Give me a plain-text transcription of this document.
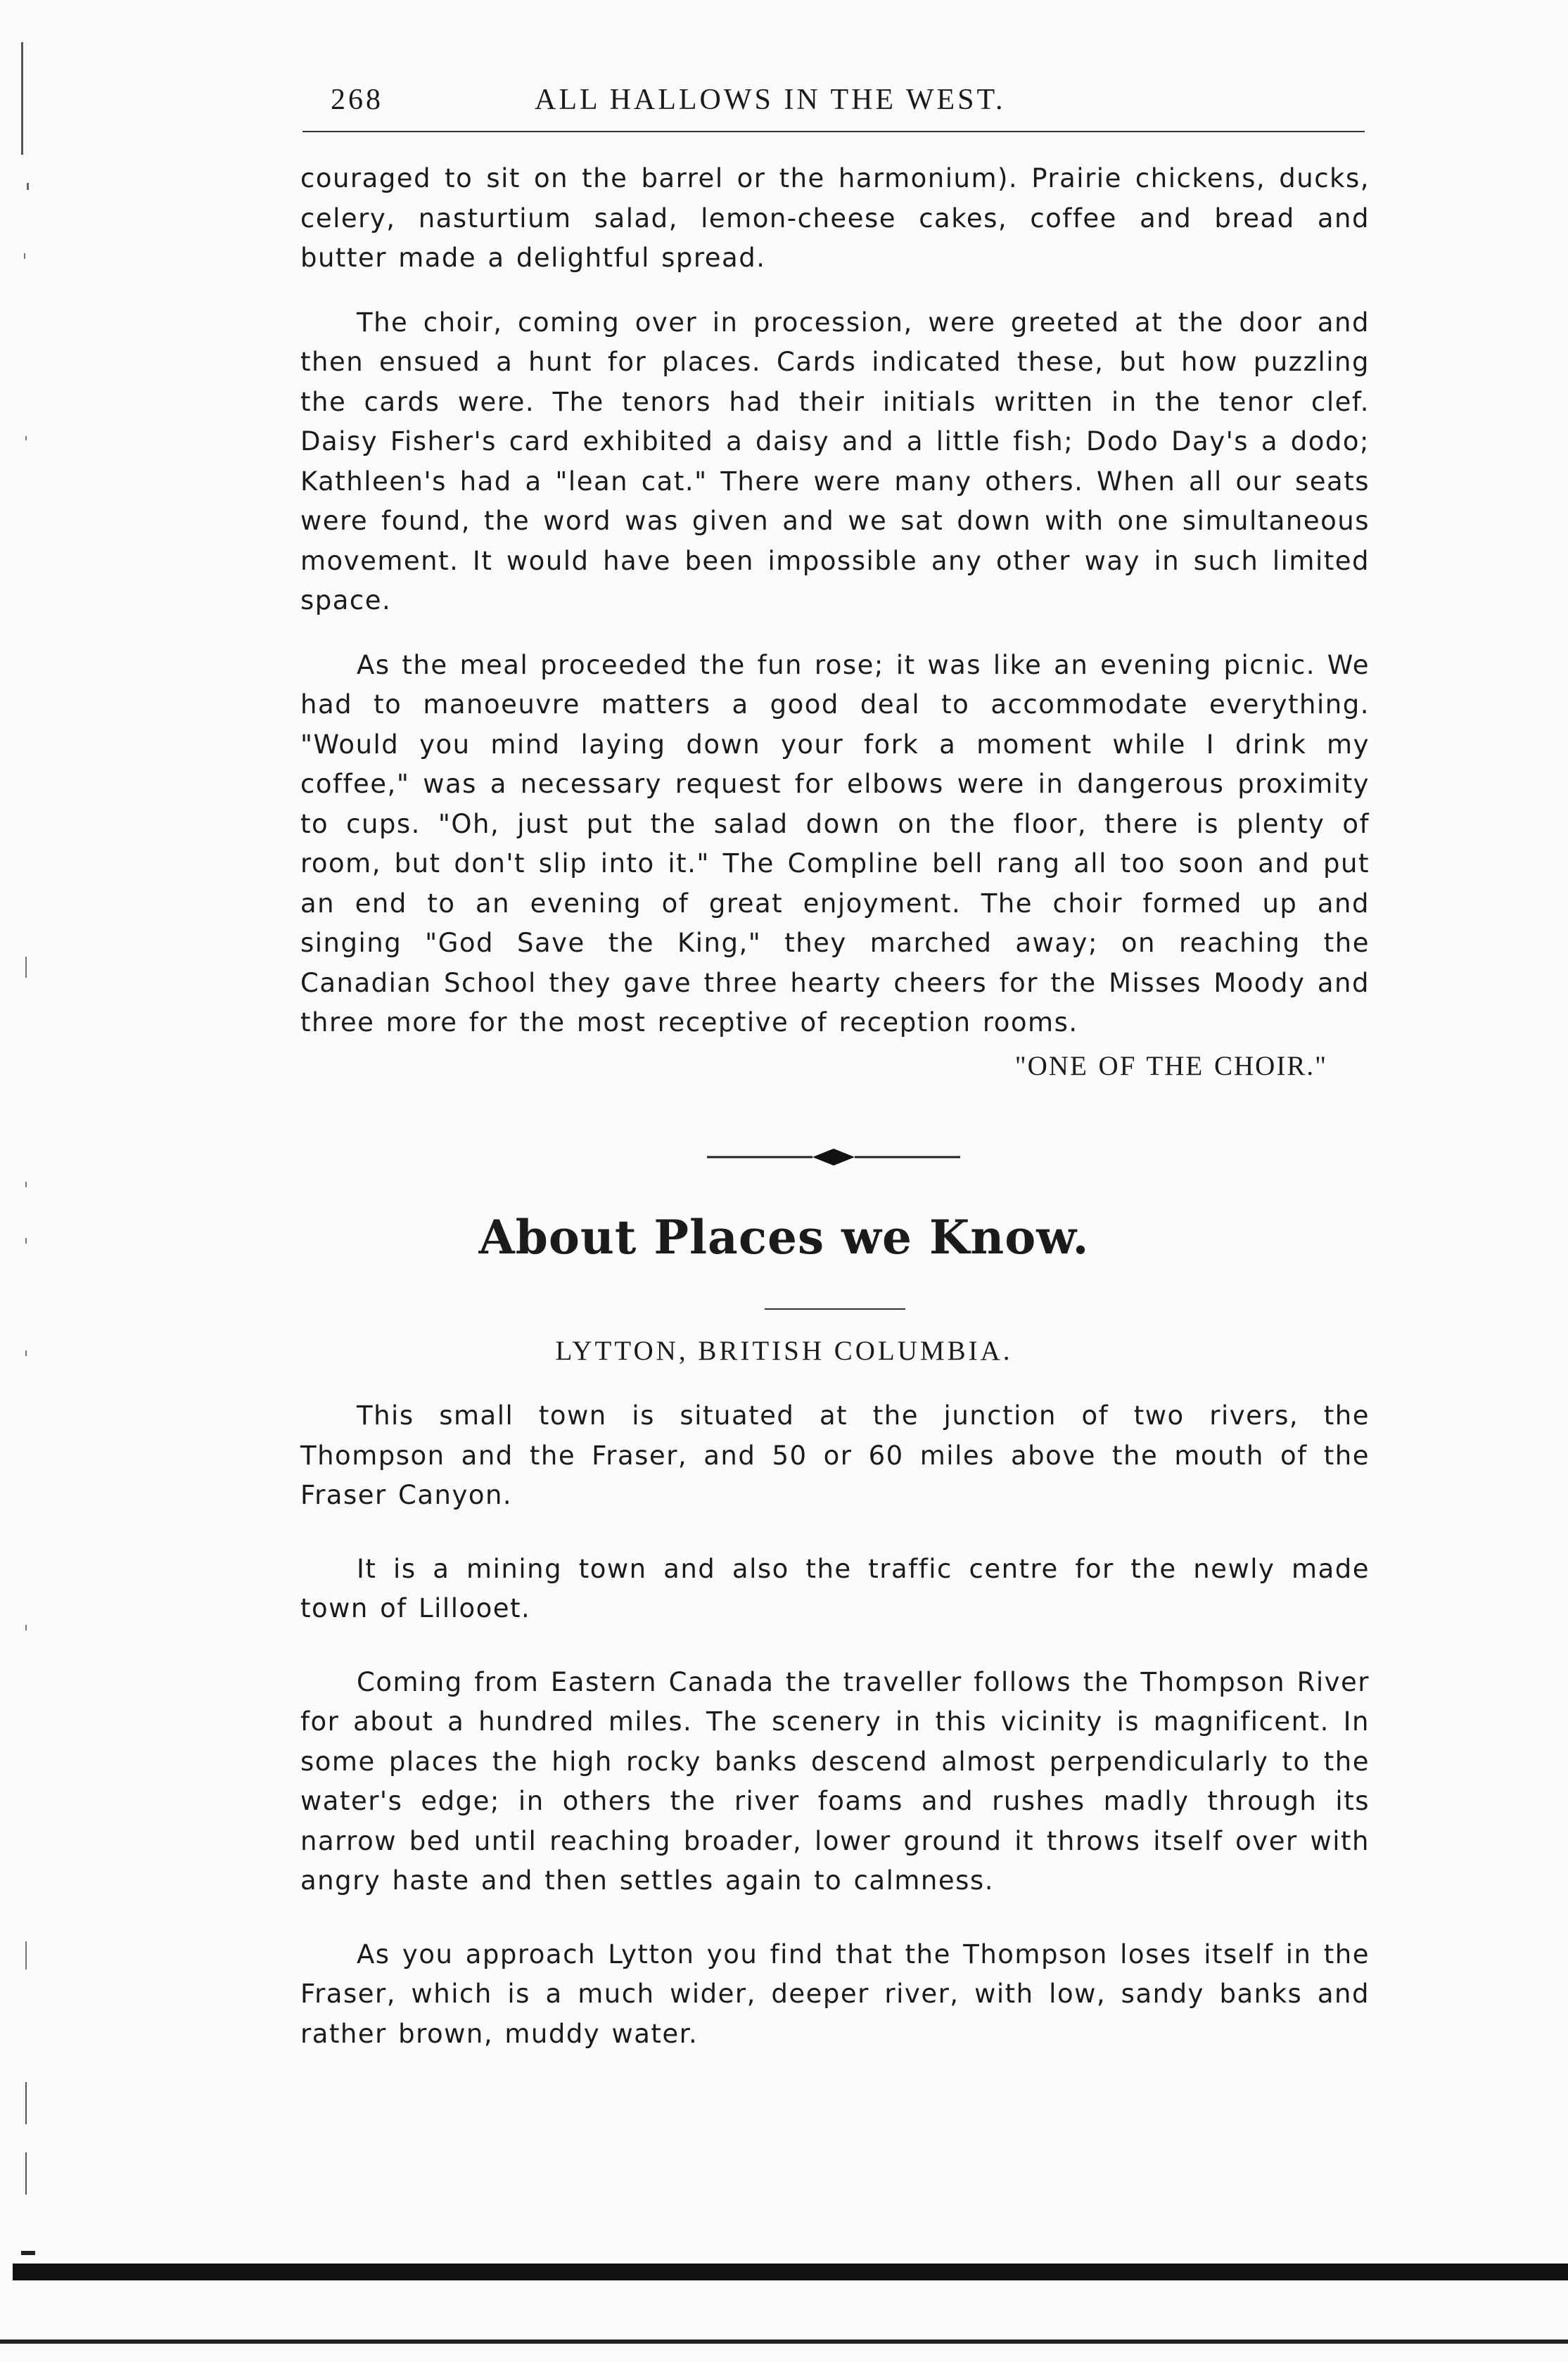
268	ALL HALLOWS IN THE WEST.

couraged to sit on the barrel or the harmonium). Prairie chickens, ducks, celery, nasturtium salad, lemon-cheese cakes, coffee and bread and butter made a delightful spread.

The choir, coming over in procession, were greeted at the door and then ensued a hunt for places. Cards indicated these, but how puzzling the cards were. The tenors had their initials written in the tenor clef. Daisy Fisher's card exhibited a daisy and a little fish; Dodo Day's a dodo; Kathleen's had a "lean cat." There were many others. When all our seats were found, the word was given and we sat down with one simultaneous movement. It would have been impossible any other way in such limited space.

As the meal proceeded the fun rose; it was like an evening picnic. We had to manoeuvre matters a good deal to accommodate everything. "Would you mind laying down your fork a moment while I drink my coffee," was a necessary request for elbows were in dangerous proximity to cups. "Oh, just put the salad down on the floor, there is plenty of room, but don't slip into it." The Compline bell rang all too soon and put an end to an evening of great enjoyment. The choir formed up and singing "God Save the King," they marched away; on reaching the Canadian School they gave three hearty cheers for the Misses Moody and three more for the most receptive of reception rooms.

"ONE OF THE CHOIR."
About Places we Know.
LYTTON, BRITISH COLUMBIA.

This small town is situated at the junction of two rivers, the Thompson and the Fraser, and 50 or 60 miles above the mouth of the Fraser Canyon.

It is a mining town and also the traffic centre for the newly made town of Lillooet.

Coming from Eastern Canada the traveller follows the Thompson River for about a hundred miles. The scenery in this vicinity is magnificent. In some places the high rocky banks descend almost perpendicularly to the water's edge; in others the river foams and rushes madly through its narrow bed until reaching broader, lower ground it throws itself over with angry haste and then settles again to calmness.

As you approach Lytton you find that the Thompson loses itself in the Fraser, which is a much wider, deeper river, with low, sandy banks and rather brown, muddy water.
